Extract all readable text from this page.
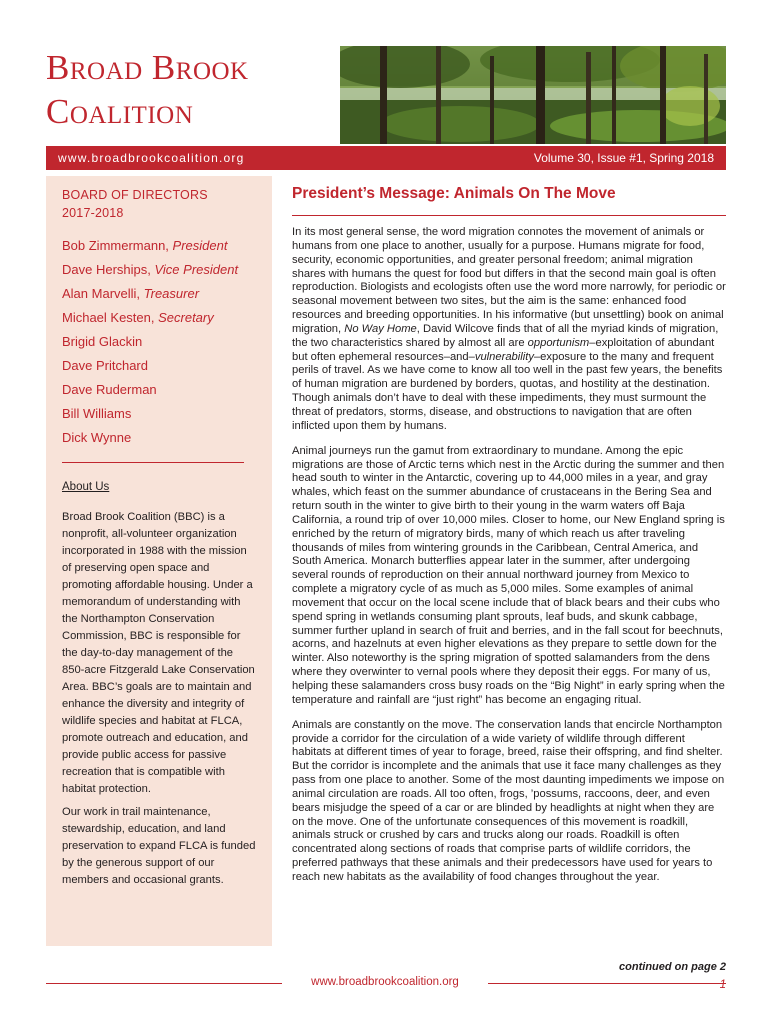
Broad Brook
Coalition
www.broadbrookcoalition.org	Volume 30, Issue #1, Spring 2018
BOARD OF DIRECTORS
2017-2018
Bob Zimmermann, President
Dave Herships, Vice President
Alan Marvelli, Treasurer
Michael Kesten, Secretary
Brigid Glackin
Dave Pritchard
Dave Ruderman
Bill Williams
Dick Wynne
About Us

Broad Brook Coalition (BBC) is a nonprofit, all-volunteer organization incorporated in 1988 with the mission of preserving open space and promoting affordable housing. Under a memorandum of understanding with the Northampton Conservation Commission, BBC is responsible for the day-to-day management of the 850-acre Fitzgerald Lake Conservation Area. BBC’s goals are to maintain and enhance the diversity and integrity of wildlife species and habitat at FLCA, promote outreach and education, and provide public access for passive recreation that is compatible with habitat protection.

Our work in trail maintenance, stewardship, education, and land preservation to expand FLCA is funded by the generous support of our members and occasional grants.

President’s Message: Animals On The Move

In its most general sense, the word migration connotes the movement of animals or humans from one place to another, usually for a purpose. Humans migrate for food, security, economic opportunities, and greater personal freedom; animal migration shares with humans the quest for food but differs in that the second main goal is often reproduction. Biologists and ecologists often use the word more narrowly, for periodic or seasonal movement between two sites, but the aim is the same: enhanced food resources and breeding opportunities. In his informative (but unsettling) book on animal migration, No Way Home, David Wilcove finds that of all the myriad kinds of migration, the two characteristics shared by almost all are opportunism–exploitation of abundant but often ephemeral resources–and–vulnerability–exposure to the many and frequent perils of travel. As we have come to know all too well in the past few years, the benefits of human migration are burdened by borders, quotas, and hostility at the destination. Though animals don’t have to deal with these impediments, they must surmount the threat of predators, storms, disease, and obstructions to navigation that are often inflicted upon them by humans.

Animal journeys run the gamut from extraordinary to mundane. Among the epic migrations are those of Arctic terns which nest in the Arctic during the summer and then head south to winter in the Antarctic, covering up to 44,000 miles in a year, and gray whales, which feast on the summer abundance of crustaceans in the Bering Sea and return south in the winter to give birth to their young in the warm waters off Baja California, a round trip of over 10,000 miles. Closer to home, our New England spring is enriched by the return of migratory birds, many of which reach us after traveling thousands of miles from wintering grounds in the Caribbean, Central America, and South America. Monarch butterflies appear later in the summer, after undergoing several rounds of reproduction on their annual northward journey from Mexico to complete a migratory cycle of as much as 5,000 miles. Some examples of animal movement that occur on the local scene include that of black bears and their cubs who spend spring in wetlands consuming plant sprouts, leaf buds, and skunk cabbage, summer further upland in search of fruit and berries, and in the fall scout for beechnuts, acorns, and hazelnuts at even higher elevations as they prepare to settle down for the winter. Also noteworthy is the spring migration of spotted salamanders from the dens where they overwinter to vernal pools where they deposit their eggs. For many of us, helping these salamanders cross busy roads on the “Big Night” in early spring when the temperature and rainfall are “just right” has become an engaging ritual.

Animals are constantly on the move. The conservation lands that encircle Northampton provide a corridor for the circulation of a wide variety of wildlife through different habitats at different times of year to forage, breed, raise their offspring, and find shelter. But the corridor is incomplete and the animals that use it face many challenges as they pass from one place to another. Some of the most daunting impediments we impose on animal circulation are roads. All too often, frogs, ’possums, raccoons, deer, and even bears misjudge the speed of a car or are blinded by headlights at night when they are on the move. One of the unfortunate consequences of this movement is roadkill, animals struck or crushed by cars and trucks along our roads. Roadkill is often concentrated along sections of roads that comprise parts of wildlife corridors, the preferred pathways that these animals and their predecessors have used for years to reach new habitats as the availability of food changes throughout the year.

continued on page 2
www.broadbrookcoalition.org	1
